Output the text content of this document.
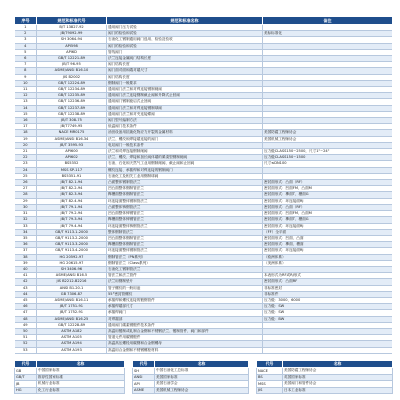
序号	规范和标准代号	规范和标准名称	备注
1	B/T 13827-92	通用阀门压力试验	
2	JB/T9092-99	阀门的检验和试验	美标标准化
3	SH 3064-94	石油化工钢制通用阀门选用、检验及验收	
4	API598	阀门的检验和试验	
5	API6D	管线阀门	
6	GB/T 12221-89	法兰连接金属阀门结构长度	
7	JB/T 96-95	阀门结构长度	
8	ASME/ANSI B16.10	阀门面对面和端对端尺寸	
9	JIS B2002	阀门结构长度	
10	GB/T 12224-89	钢制阀门一般要求	
11	GB/T 12234-89	通用阀门法兰和对焊连接钢制闸阀	
12	GB/T 12235-89	通用阀门法兰连接钢制截止阀和升降式止回阀	
13	GB/T 12236-89	通用阀门钢制旋启式止回阀	
14	GB/T 12237-89	通用阀门法兰和对焊连接钢制球阀	
15	GB/T 12238-89	通用阀门法兰和对夹连接蝶阀	
16	JB/T 308-75	阀门型号编制方法	
17	JB/T7749-95	低温阀门技术条件	
18	NACE MR0175	油田设备用抗硫化物应力开裂的金属材料	美国防腐工程师协会
19	ASME/ANSI B16.34	法兰、螺纹和焊接端连接的阀门	美国机械工程师协会
20	JB/T 3595-93	电站阀门一般技术条件	
21	API600	法兰和对焊连接钢制闸阀	压力级CLASS150~2500，尺寸1"~24"
22	API602	法兰、螺纹、焊接和加长阀体端的紧凑型钢制闸阀	压力级CLASS150~1500
23	BS5352	石油、石化和天然气工业用钢制闸阀、截止阀和止回阀	尺寸≤DN100
24	MSS SP-117	螺纹连接、承插焊和对焊连接的钢制阀门	
25	BS5351-91	石油化工及相关工业用钢制球阀	
26	JB/T 82.1-94	凸面整体钢制管法兰	密封面形式：凸面（RF）
27	JB/T 82.2-94	凹凸面整体钢制管法兰	密封面形式：凹面FM、凸面M
28	JB/T 82.3-94	榫槽面整体钢制管法兰	密封面形式：榫面T、槽面G
29	JB/T 82.4-94	环连接面整体钢制管法兰	密封面形式：环连接面RJ
30	JB/T 79.1-94	凸面整体铸钢管法兰	密封面形式：凸面（RF）
31	JB/T 79.2-94	凹凸面整体铸钢管法兰	密封面形式：凹面FM、凸面M
32	JB/T 79.3-94	榫槽面整体铸钢管法兰	密封面形式：榫面T、槽面G
33	JB/T 79.4-94	环连接面整体铸钢管法兰	密封面形式：环连接面RJ
34	GB/T 9113.1-2000	整体钢制管法兰	（FF）全平面
35	GB/T 9113.2-2000	凹凸面整体钢制管法兰	密封面形式：凹面、凸面
36	GB/T 9113.3-2000	榫槽面整体钢制管法兰	密封面形式：榫面、槽面
37	GB/T 9113.4-2000	环连接面整体钢制管法兰	密封面形式：环连接面RJ
38	HG 20592-97	钢制管法兰（PN系列）	（欧洲体系）
39	HG 20615-97	钢制管法兰（Class系列）	（美洲体系）
40	SH 3406-96	石油化工钢制管法兰	
41	ASME/ANSI B16.5	管法兰和法兰管件	本表形式为RF或RJ形式
42	JIS B2212-B2216	法兰用钢制垫片	密封面形式：凸面RF
43	ANSI B1.20.1	管子螺纹的一般用途	非标准密封
44	GB 7306-87	55°密封管螺纹	非标准件
45	ASME/ANSI B16.11	承插焊和螺纹连接的锻钢管件	压力级：3000、6000
46	JB/T 1751-91	承插焊端部尺寸	压力级：SW
47	JB/T 1752-91	承插焊阀门	压力级：SW
48	ASME/ANSI B16.25	对焊端部	压力级：BW
49	GB/T 12228-89	通用阀门碳素钢锻件技术条件	
50	ASTM A182	高温用锻制或轧制合金钢和不锈钢法兰、锻制管件、阀门和部件	
51	ASTM A105	管道元件用碳钢锻件	
52	ASTM A194	高温高压螺栓用碳钢和合金钢螺母	
53	ASTM A193	高温用合金钢和不锈钢螺栓材料	

代号	名称		代号	名称		代号	名称
GB	中国国家标准		SH	中国石油化工总标准		NACE	美国防腐工程师协会
GB/T	推荐性国家标准		ANSI	美国国家标准		BS	英国国家标准
JB	机械行业标准		API	美国石油学会		MSS	美国阀门和管件协会
HG	化工行业标准		ASME	美国机械工程师协会		JIS	日本工业标准
